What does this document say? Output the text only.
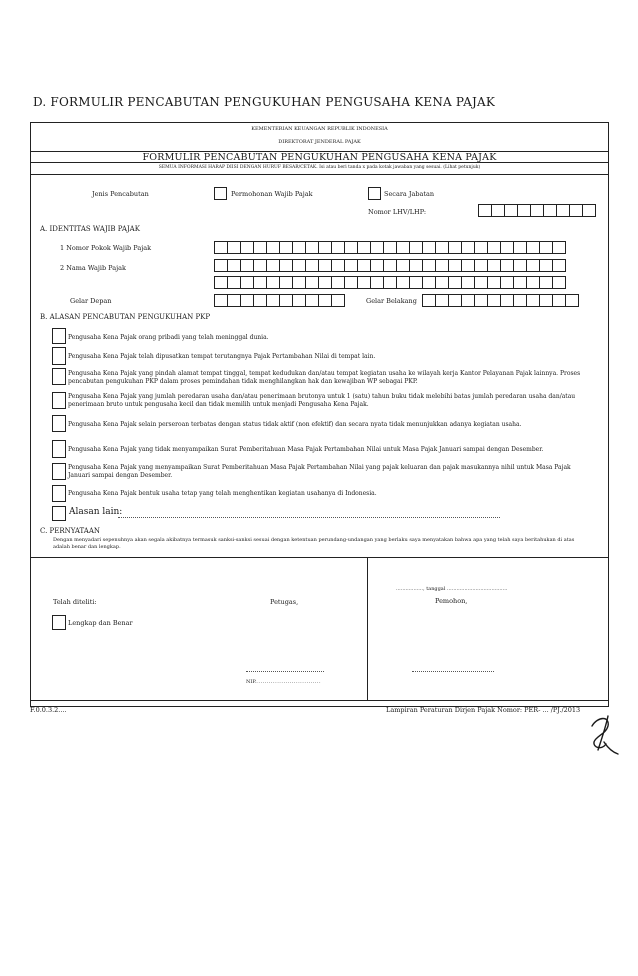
D. FORMULIR PENCABUTAN PENGUKUHAN PENGUSAHA KENA PAJAK
KEMENTERIAN KEUANGAN REPUBLIK INDONESIA
DIREKTORAT JENDERAL PAJAK
FORMULIR PENCABUTAN PENGUKUHAN PENGUSAHA KENA PAJAK
SEMUA INFORMASI HARAP DIISI DENGAN HURUF BESAR/CETAK. Isi atau beri tanda x pada kotak jawaban yang sesuai. (Lihat petunjuk)
Jenis Pencabutan	Permohonan Wajib Pajak	Secara Jabatan
Nomor LHV/LHP:
A. IDENTITAS WAJIB PAJAK
1 Nomor Pokok Wajib Pajak
2 Nama Wajib Pajak
Gelar Depan	Gelar Belakang
B. ALASAN PENCABUTAN PENGUKUHAN PKP
Pengusaha Kena Pajak orang pribadi yang telah meninggal dunia.
Pengusaha Kena Pajak telah dipusatkan tempat terutangnya Pajak Pertambahan Nilai di tempat lain.
Pengusaha Kena Pajak yang pindah alamat tempat tinggal, tempat kedudukan dan/atau tempat kegiatan usaha ke wilayah kerja Kantor Pelayanan Pajak lainnya. Proses pencabutan pengukuhan PKP dalam proses pemindahan tidak menghilangkan hak dan kewajiban WP sebagai PKP.
Pengusaha Kena Pajak yang jumlah peredaran usaha dan/atau penerimaan brutonya untuk 1 (satu) tahun buku tidak melebihi batas jumlah peredaran usaha dan/atau penerimaan bruto untuk pengusaha kecil dan tidak memilih untuk menjadi Pengusaha Kena Pajak.
Pengusaha Kena Pajak selain perseroan terbatas dengan status tidak aktif (non efektif) dan secara nyata tidak menunjukkan adanya kegiatan usaha.
Pengusaha Kena Pajak yang tidak menyampaikan Surat Pemberitahuan Masa Pajak Pertambahan Nilai untuk Masa Pajak Januari sampai dengan Desember.
Pengusaha Kena Pajak yang menyampaikan Surat Pemberitahuan Masa Pajak Pertambahan Nilai yang pajak keluaran dan pajak masukannya nihil untuk Masa Pajak Januari sampai dengan Desember.
Pengusaha Kena Pajak bentuk usaha tetap yang telah menghentikan kegiatan usahanya di Indonesia.
Alasan lain:
C. PERNYATAAN
Dengan menyadari sepenuhnya akan segala akibatnya termasuk sanksi-sanksi sesuai dengan ketentuan perundang-undangan yang berlaku saya menyatakan bahwa apa yang telah saya beritahukan di atas adalah benar dan lengkap.
Telah diteliti:
Lengkap dan Benar
Petugas,
NIP................................
................., tanggal ......................................
Pemohon,
F.0.0.3.2....	Lampiran Peraturan Dirjen Pajak Nomor: PER- ... /PJ./2013
